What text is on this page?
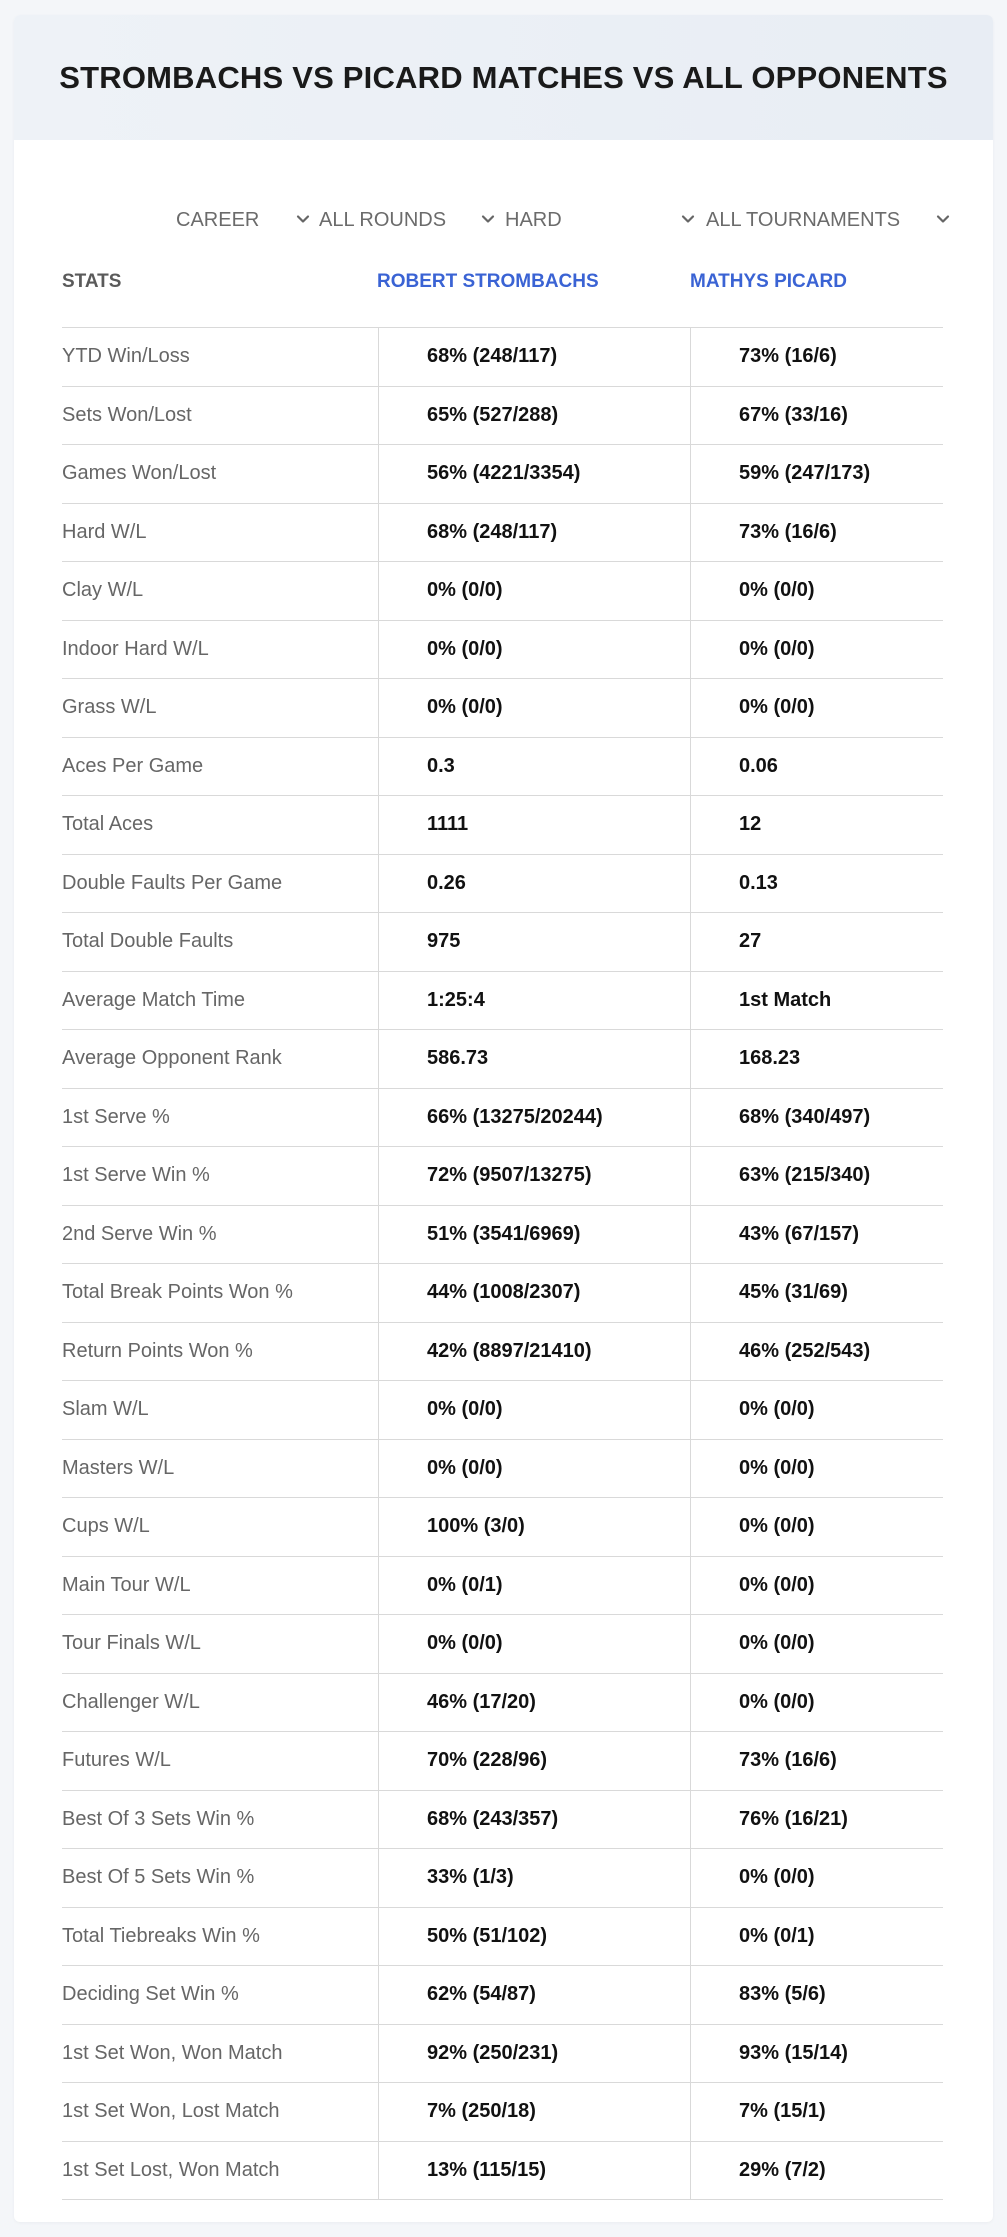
STROMBACHS VS PICARD MATCHES VS ALL OPPONENTS
CAREER	ALL ROUNDS	HARD	ALL TOURNAMENTS
STATS	ROBERT STROMBACHS	MATHYS PICARD
YTD Win/Loss	68% (248/117)	73% (16/6)
Sets Won/Lost	65% (527/288)	67% (33/16)
Games Won/Lost	56% (4221/3354)	59% (247/173)
Hard W/L	68% (248/117)	73% (16/6)
Clay W/L	0% (0/0)	0% (0/0)
Indoor Hard W/L	0% (0/0)	0% (0/0)
Grass W/L	0% (0/0)	0% (0/0)
Aces Per Game	0.3	0.06
Total Aces	1111	12
Double Faults Per Game	0.26	0.13
Total Double Faults	975	27
Average Match Time	1:25:4	1st Match
Average Opponent Rank	586.73	168.23
1st Serve %	66% (13275/20244)	68% (340/497)
1st Serve Win %	72% (9507/13275)	63% (215/340)
2nd Serve Win %	51% (3541/6969)	43% (67/157)
Total Break Points Won %	44% (1008/2307)	45% (31/69)
Return Points Won %	42% (8897/21410)	46% (252/543)
Slam W/L	0% (0/0)	0% (0/0)
Masters W/L	0% (0/0)	0% (0/0)
Cups W/L	100% (3/0)	0% (0/0)
Main Tour W/L	0% (0/1)	0% (0/0)
Tour Finals W/L	0% (0/0)	0% (0/0)
Challenger W/L	46% (17/20)	0% (0/0)
Futures W/L	70% (228/96)	73% (16/6)
Best Of 3 Sets Win %	68% (243/357)	76% (16/21)
Best Of 5 Sets Win %	33% (1/3)	0% (0/0)
Total Tiebreaks Win %	50% (51/102)	0% (0/1)
Deciding Set Win %	62% (54/87)	83% (5/6)
1st Set Won, Won Match	92% (250/231)	93% (15/14)
1st Set Won, Lost Match	7% (250/18)	7% (15/1)
1st Set Lost, Won Match	13% (115/15)	29% (7/2)
